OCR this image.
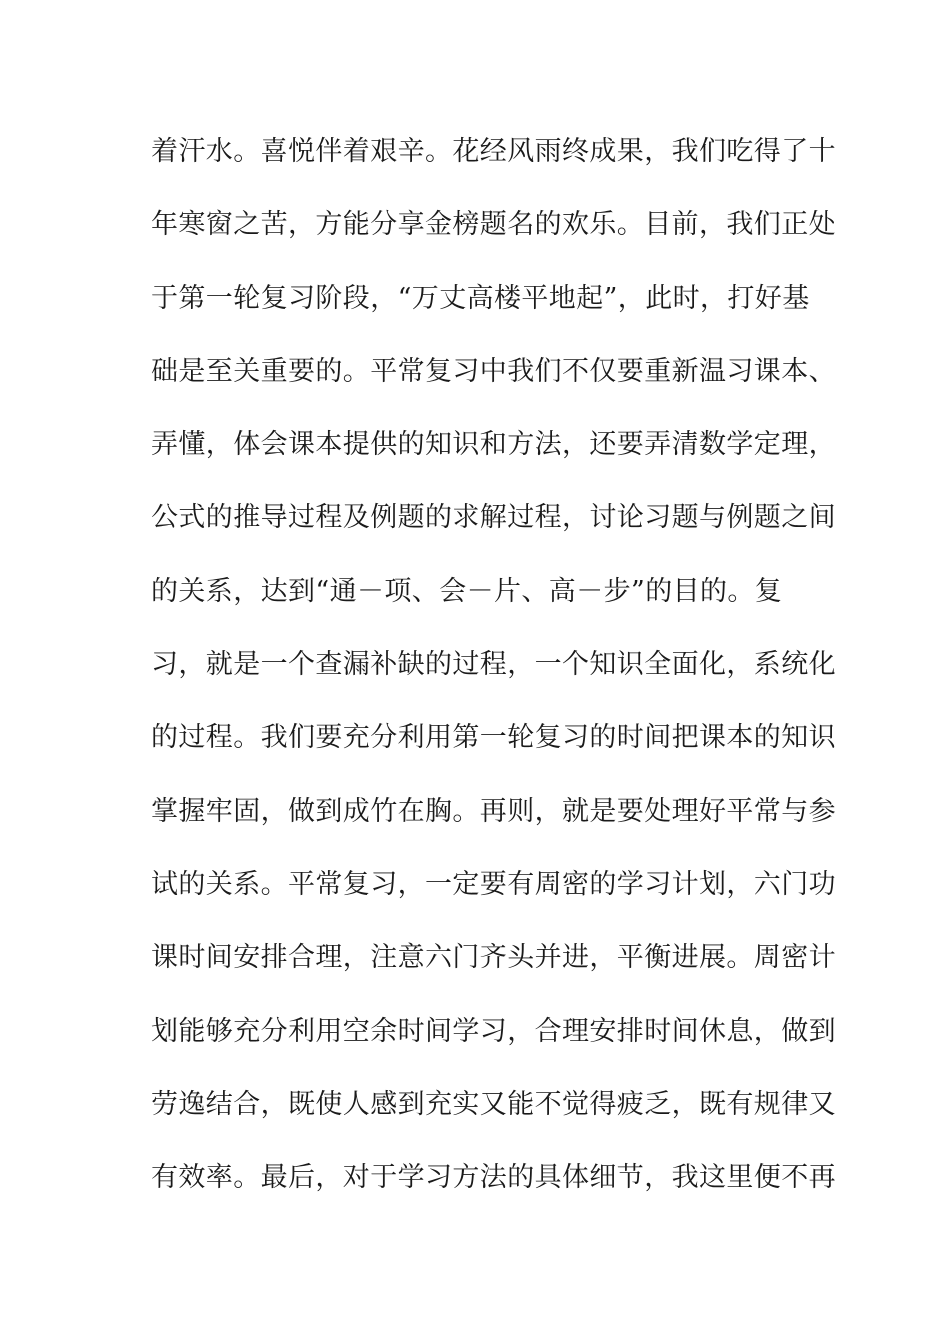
着汗水。喜悦伴着艰辛。花经风雨终成果，我们吃得了十
年寒窗之苦，方能分享金榜题名的欢乐。目前，我们正处
于第一轮复习阶段，“万丈高楼平地起”，此时，打好基
础是至关重要的。平常复习中我们不仅要重新温习课本、
弄懂，体会课本提供的知识和方法，还要弄清数学定理，
公式的推导过程及例题的求解过程，讨论习题与例题之间
的关系，达到“通－项、会－片、高－步”的目的。复
习，就是一个查漏补缺的过程，一个知识全面化，系统化
的过程。我们要充分利用第一轮复习的时间把课本的知识
掌握牢固，做到成竹在胸。再则，就是要处理好平常与参
试的关系。平常复习，一定要有周密的学习计划，六门功
课时间安排合理，注意六门齐头并进，平衡进展。周密计
划能够充分利用空余时间学习，合理安排时间休息，做到
劳逸结合，既使人感到充实又能不觉得疲乏，既有规律又
有效率。最后，对于学习方法的具体细节，我这里便不再
